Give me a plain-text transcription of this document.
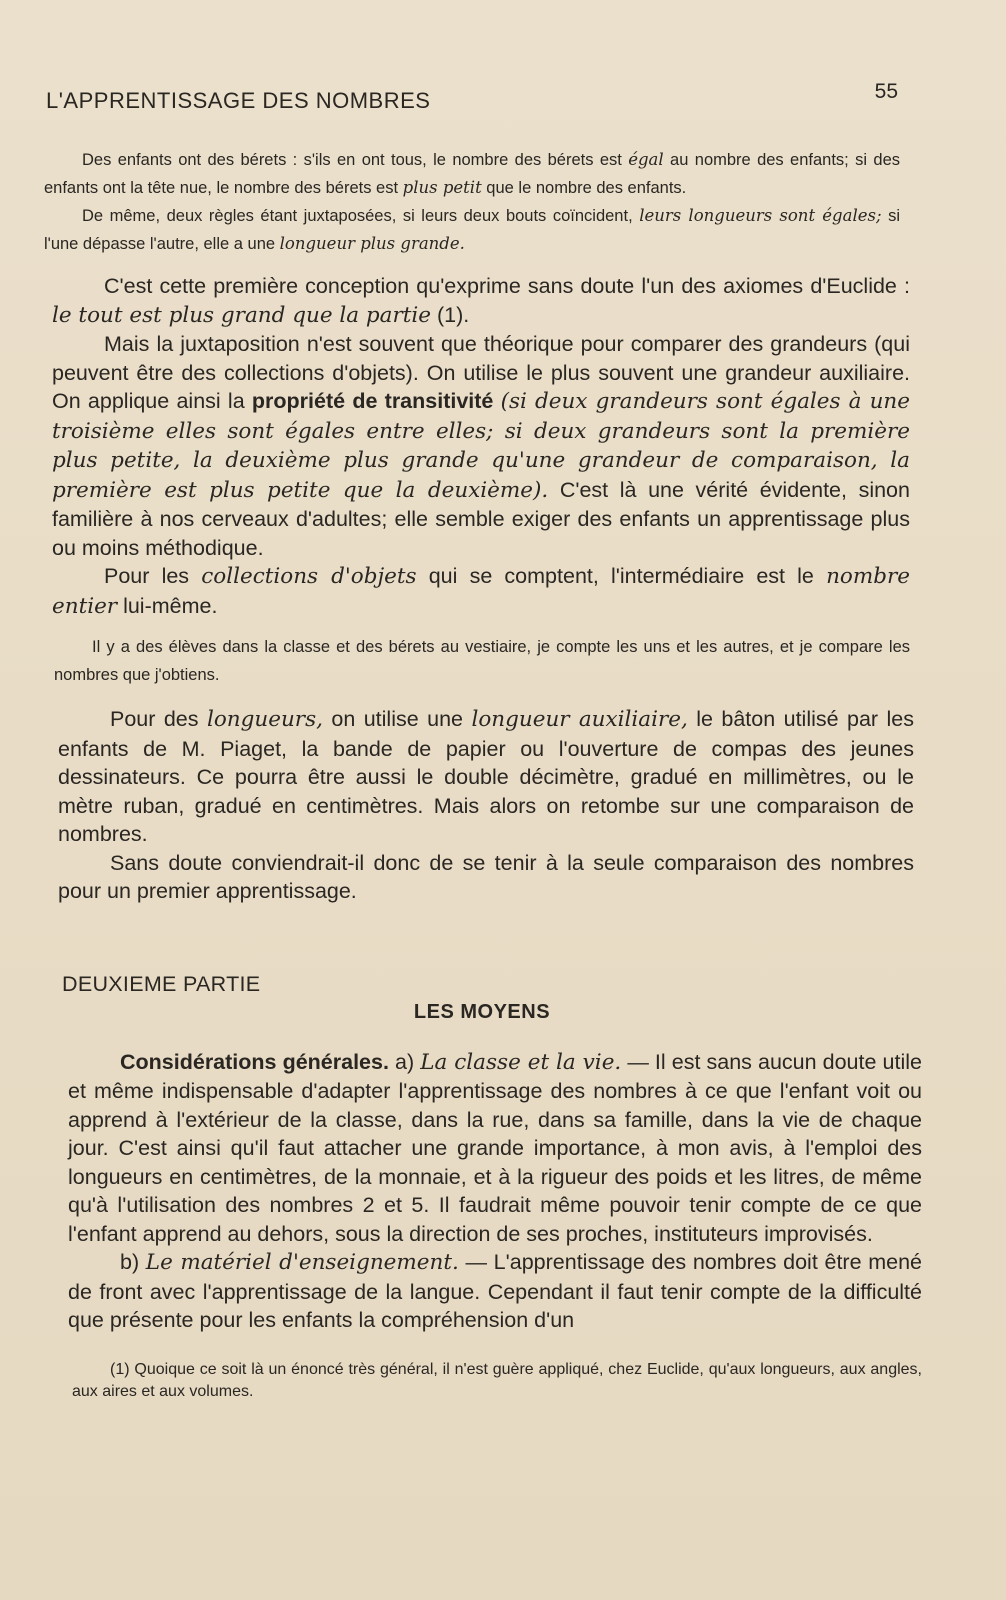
L'APPRENTISSAGE DES NOMBRES	55

Des enfants ont des bérets : s'ils en ont tous, le nombre des bérets est égal au nombre des enfants; si des enfants ont la tête nue, le nombre des bérets est plus petit que le nombre des enfants.

De même, deux règles étant juxtaposées, si leurs deux bouts coïncident, leurs longueurs sont égales; si l'une dépasse l'autre, elle a une longueur plus grande.

C'est cette première conception qu'exprime sans doute l'un des axiomes d'Euclide : le tout est plus grand que la partie (1).

Mais la juxtaposition n'est souvent que théorique pour comparer des grandeurs (qui peuvent être des collections d'objets). On utilise le plus souvent une grandeur auxiliaire. On applique ainsi la propriété de transitivité (si deux grandeurs sont égales à une troisième elles sont égales entre elles; si deux grandeurs sont la première plus petite, la deuxième plus grande qu'une grandeur de comparaison, la première est plus petite que la deuxième). C'est là une vérité évidente, sinon familière à nos cerveaux d'adultes; elle semble exiger des enfants un apprentissage plus ou moins méthodique.

Pour les collections d'objets qui se comptent, l'intermédiaire est le nombre entier lui-même.

Il y a des élèves dans la classe et des bérets au vestiaire, je compte les uns et les autres, et je compare les nombres que j'obtiens.

Pour des longueurs, on utilise une longueur auxiliaire, le bâton utilisé par les enfants de M. Piaget, la bande de papier ou l'ouverture de compas des jeunes dessinateurs. Ce pourra être aussi le double décimètre, gradué en millimètres, ou le mètre ruban, gradué en centimètres. Mais alors on retombe sur une comparaison de nombres.

Sans doute conviendrait-il donc de se tenir à la seule comparaison des nombres pour un premier apprentissage.

DEUXIEME PARTIE

LES MOYENS

Considérations générales. a) La classe et la vie. — Il est sans aucun doute utile et même indispensable d'adapter l'apprentissage des nombres à ce que l'enfant voit ou apprend à l'extérieur de la classe, dans la rue, dans sa famille, dans la vie de chaque jour. C'est ainsi qu'il faut attacher une grande importance, à mon avis, à l'emploi des longueurs en centimètres, de la monnaie, et à la rigueur des poids et les litres, de même qu'à l'utilisation des nombres 2 et 5. Il faudrait même pouvoir tenir compte de ce que l'enfant apprend au dehors, sous la direction de ses proches, instituteurs improvisés.

b) Le matériel d'enseignement. — L'apprentissage des nombres doit être mené de front avec l'apprentissage de la langue. Cependant il faut tenir compte de la difficulté que présente pour les enfants la compréhension d'un

(1) Quoique ce soit là un énoncé très général, il n'est guère appliqué, chez Euclide, qu'aux longueurs, aux angles, aux aires et aux volumes.
